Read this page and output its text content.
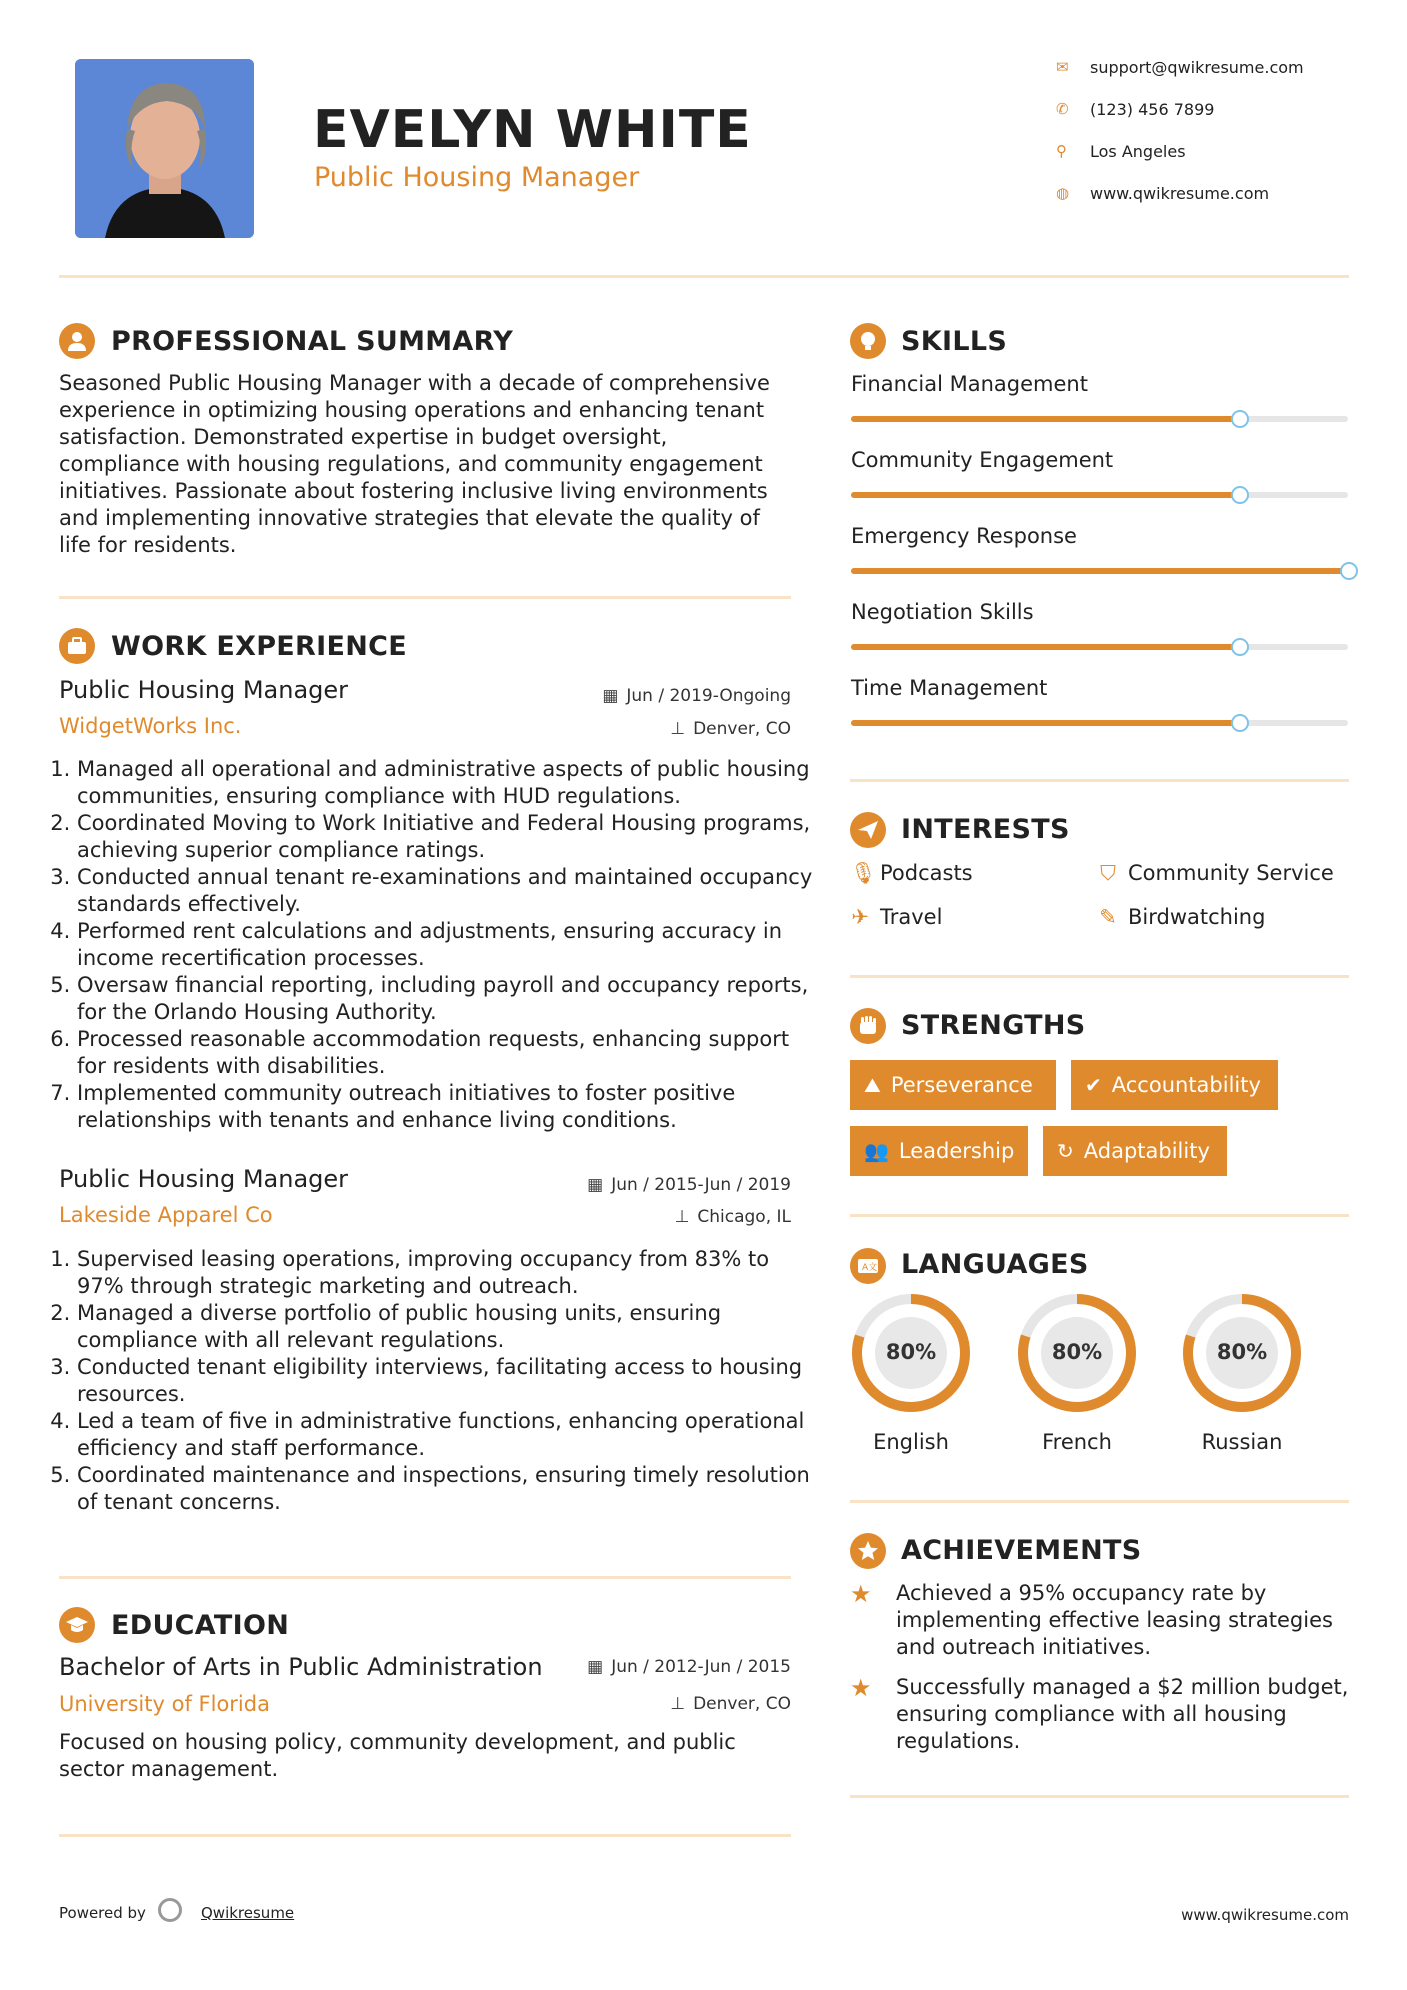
EVELYN WHITE
Public Housing Manager
✉ support@qwikresume.com
✆ (123) 456 7899
⚲ Los Angeles
◍ www.qwikresume.com
PROFESSIONAL SUMMARY
Seasoned Public Housing Manager with a decade of comprehensive experience in optimizing housing operations and enhancing tenant satisfaction. Demonstrated expertise in budget oversight, compliance with housing regulations, and community engagement initiatives. Passionate about fostering inclusive living environments and implementing innovative strategies that elevate the quality of life for residents.
WORK EXPERIENCE
Public Housing Manager	▦ Jun / 2019-Ongoing
WidgetWorks Inc.	⊥ Denver, CO
1. Managed all operational and administrative aspects of public housing communities, ensuring compliance with HUD regulations.
2. Coordinated Moving to Work Initiative and Federal Housing programs, achieving superior compliance ratings.
3. Conducted annual tenant re-examinations and maintained occupancy standards effectively.
4. Performed rent calculations and adjustments, ensuring accuracy in income recertification processes.
5. Oversaw financial reporting, including payroll and occupancy reports, for the Orlando Housing Authority.
6. Processed reasonable accommodation requests, enhancing support for residents with disabilities.
7. Implemented community outreach initiatives to foster positive relationships with tenants and enhance living conditions.
Public Housing Manager	▦ Jun / 2015-Jun / 2019
Lakeside Apparel Co	⊥ Chicago, IL
1. Supervised leasing operations, improving occupancy from 83% to 97% through strategic marketing and outreach.
2. Managed a diverse portfolio of public housing units, ensuring compliance with all relevant regulations.
3. Conducted tenant eligibility interviews, facilitating access to housing resources.
4. Led a team of five in administrative functions, enhancing operational efficiency and staff performance.
5. Coordinated maintenance and inspections, ensuring timely resolution of tenant concerns.
EDUCATION
Bachelor of Arts in Public Administration	▦ Jun / 2012-Jun / 2015
University of Florida	⊥ Denver, CO
Focused on housing policy, community development, and public sector management.
SKILLS
Financial Management
Community Engagement
Emergency Response
Negotiation Skills
Time Management
INTERESTS
🎙 Podcasts	⛉ Community Service
✈ Travel	✎ Birdwatching
STRENGTHS
⛰ Perseverance	✔ Accountability
👥 Leadership	↻ Adaptability
A文 LANGUAGES
80%
English
80%
French
80%
Russian
ACHIEVEMENTS
★ Achieved a 95% occupancy rate by implementing effective leasing strategies and outreach initiatives.
★ Successfully managed a $2 million budget, ensuring compliance with all housing regulations.
Powered by	Qwikresume	www.qwikresume.com
